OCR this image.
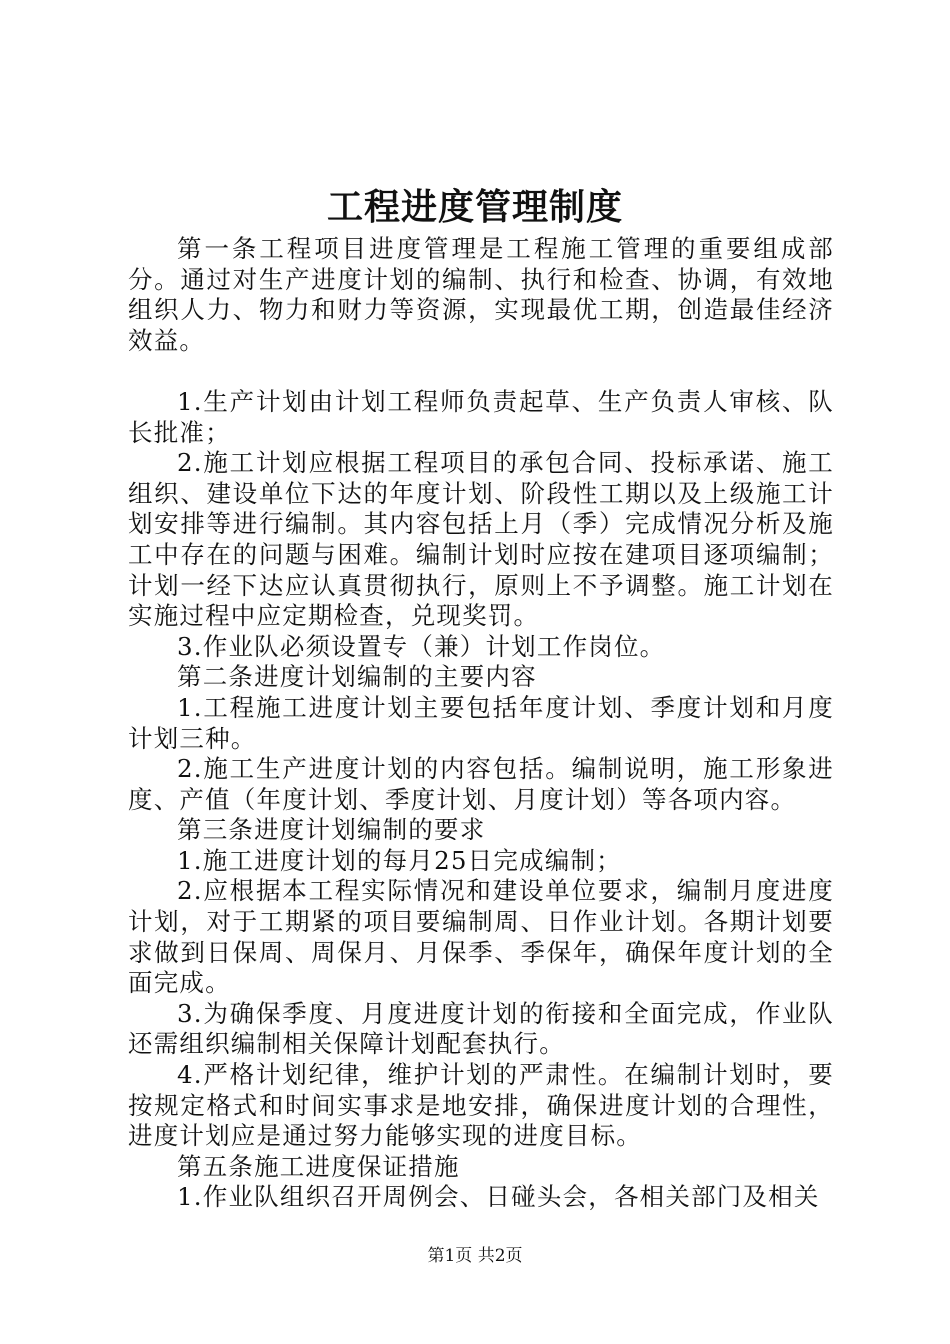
工程进度管理制度

第一条工程项目进度管理是工程施工管理的重要组成部分。通过对生产进度计划的编制、执行和检查、协调，有效地组织人力、物力和财力等资源，实现最优工期，创造最佳经济效益。

1.生产计划由计划工程师负责起草、生产负责人审核、队长批准；

2.施工计划应根据工程项目的承包合同、投标承诺、施工组织、建设单位下达的年度计划、阶段性工期以及上级施工计划安排等进行编制。其内容包括上月（季）完成情况分析及施工中存在的问题与困难。编制计划时应按在建项目逐项编制；计划一经下达应认真贯彻执行，原则上不予调整。施工计划在实施过程中应定期检查，兑现奖罚。

3.作业队必须设置专（兼）计划工作岗位。

第二条进度计划编制的主要内容

1.工程施工进度计划主要包括年度计划、季度计划和月度计划三种。

2.施工生产进度计划的内容包括。编制说明，施工形象进度、产值（年度计划、季度计划、月度计划）等各项内容。

第三条进度计划编制的要求

1.施工进度计划的每月25日完成编制；

2.应根据本工程实际情况和建设单位要求，编制月度进度计划，对于工期紧的项目要编制周、日作业计划。各期计划要求做到日保周、周保月、月保季、季保年，确保年度计划的全面完成。

3.为确保季度、月度进度计划的衔接和全面完成，作业队还需组织编制相关保障计划配套执行。

4.严格计划纪律，维护计划的严肃性。在编制计划时，要按规定格式和时间实事求是地安排，确保进度计划的合理性，进度计划应是通过努力能够实现的进度目标。

第五条施工进度保证措施

1.作业队组织召开周例会、日碰头会，各相关部门及相关

第1页 共2页
